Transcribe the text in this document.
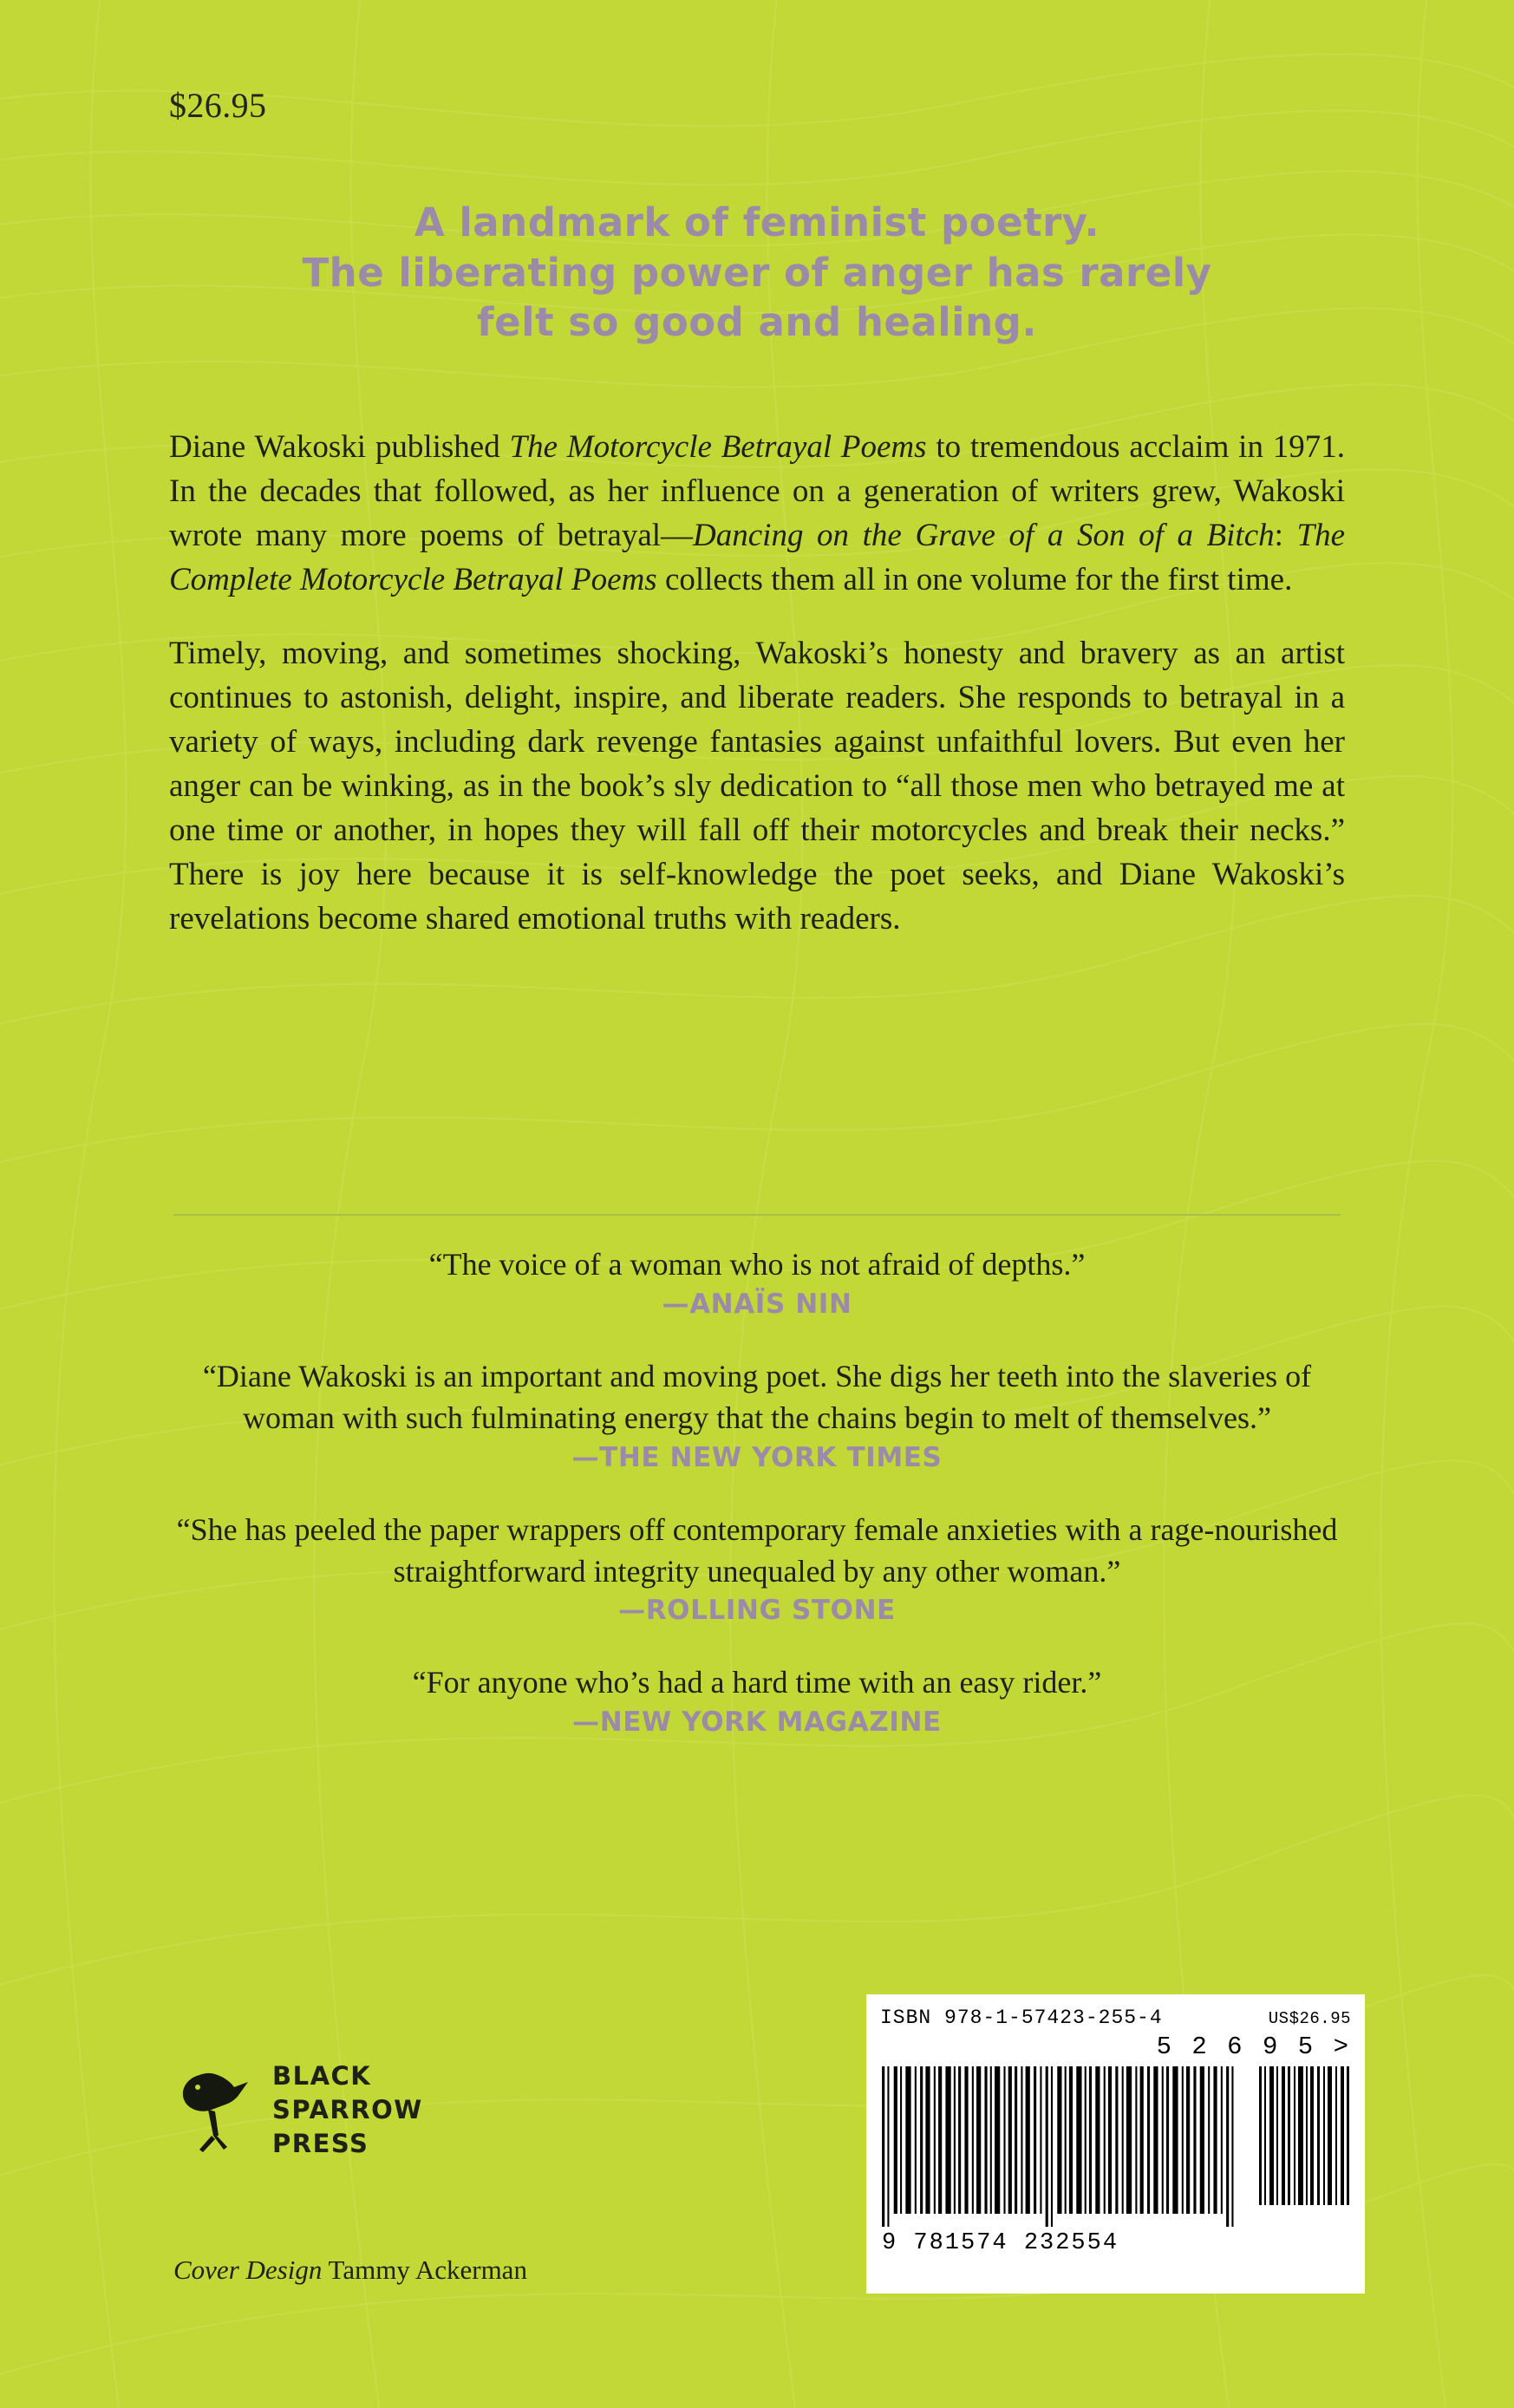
$26.95
A landmark of feminist poetry.
The liberating power of anger has rarely
felt so good and healing.

Diane Wakoski published The Motorcycle Betrayal Poems to tremendous acclaim in 1971. In the decades that followed, as her influence on a generation of writers grew, Wakoski wrote many more poems of betrayal—Dancing on the Grave of a Son of a Bitch: The Complete Motorcycle Betrayal Poems collects them all in one volume for the first time.

Timely, moving, and sometimes shocking, Wakoski’s honesty and bravery as an artist continues to astonish, delight, inspire, and liberate readers. She responds to betrayal in a variety of ways, including dark revenge fantasies against unfaithful lovers. But even her anger can be winking, as in the book’s sly dedication to “all those men who betrayed me at one time or another, in hopes they will fall off their motorcycles and break their necks.” There is joy here because it is self-knowledge the poet seeks, and Diane Wakoski’s revelations become shared emotional truths with readers.

“The voice of a woman who is not afraid of depths.”
—ANAÏS NIN
“Diane Wakoski is an important and moving poet. She digs her teeth into the slaveries of woman with such fulminating energy that the chains begin to melt of themselves.”
—THE NEW YORK TIMES
“She has peeled the paper wrappers off contemporary female anxieties with a rage-nourished straightforward integrity unequaled by any other woman.”
—ROLLING STONE
“For anyone who’s had a hard time with an easy rider.”
—NEW YORK MAGAZINE
BLACK
SPARROW
PRESS
Cover Design Tammy Ackerman
ISBN 978-1-57423-255-4	US$26.95
5 2 6 9 5 >
9 781574 232554
